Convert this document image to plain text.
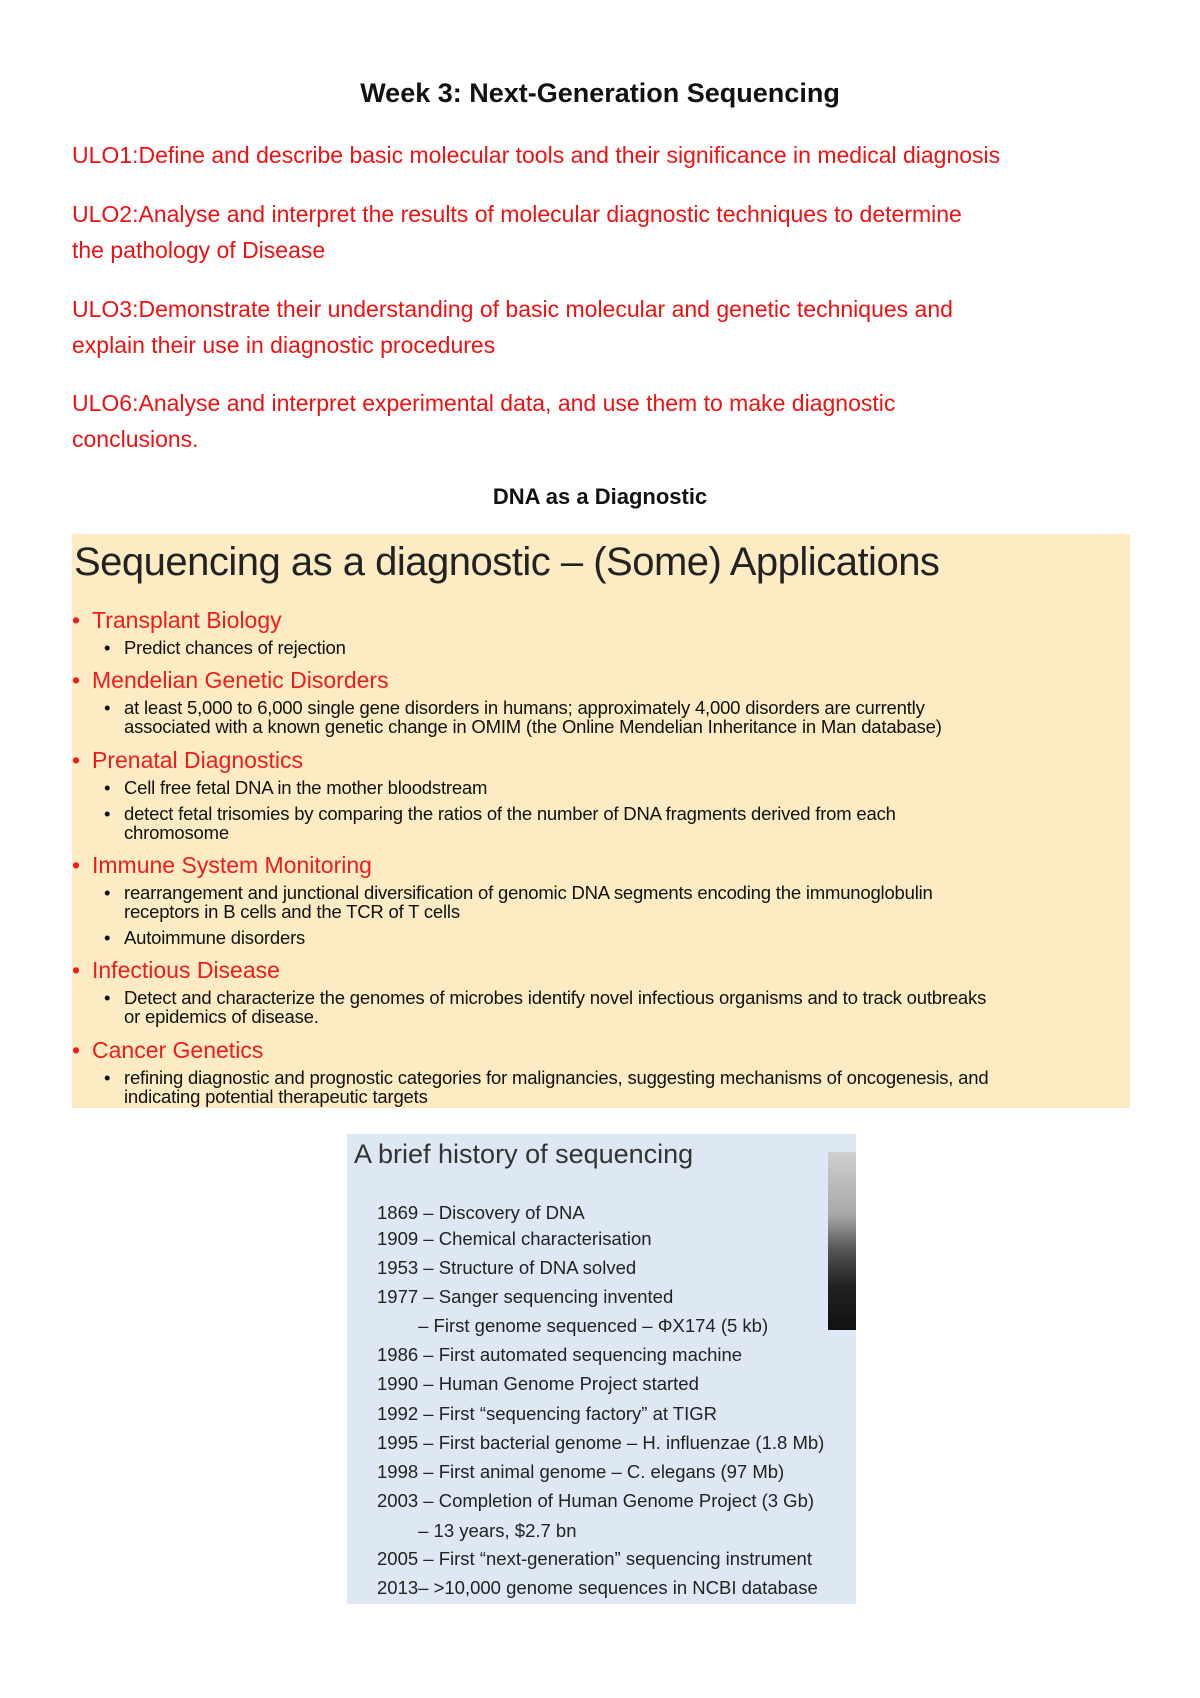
Week 3: Next-Generation Sequencing
ULO1:Define and describe basic molecular tools and their significance in medical diagnosis
ULO2:Analyse and interpret the results of molecular diagnostic techniques to determine
the pathology of Disease
ULO3:Demonstrate their understanding of basic molecular and genetic techniques and
explain their use in diagnostic procedures
ULO6:Analyse and interpret experimental data, and use them to make diagnostic
conclusions.
DNA as a Diagnostic
Sequencing as a diagnostic – (Some) Applications
• Transplant Biology
• Predict chances of rejection
• Mendelian Genetic Disorders
• at least 5,000 to 6,000 single gene disorders in humans; approximately 4,000 disorders are currently
associated with a known genetic change in OMIM (the Online Mendelian Inheritance in Man database)
• Prenatal Diagnostics
• Cell free fetal DNA in the mother bloodstream
• detect fetal trisomies by comparing the ratios of the number of DNA fragments derived from each
chromosome
• Immune System Monitoring
• rearrangement and junctional diversification of genomic DNA segments encoding the immunoglobulin
receptors in B cells and the TCR of T cells
• Autoimmune disorders
• Infectious Disease
• Detect and characterize the genomes of microbes identify novel infectious organisms and to track outbreaks
or epidemics of disease.
• Cancer Genetics
• refining diagnostic and prognostic categories for malignancies, suggesting mechanisms of oncogenesis, and
indicating potential therapeutic targets
A brief history of sequencing
1869 – Discovery of DNA
1909 – Chemical characterisation
1953 – Structure of DNA solved
1977 – Sanger sequencing invented
– First genome sequenced – ΦX174 (5 kb)
1986 – First automated sequencing machine
1990 – Human Genome Project started
1992 – First “sequencing factory” at TIGR
1995 – First bacterial genome – H. influenzae (1.8 Mb)
1998 – First animal genome – C. elegans (97 Mb)
2003 – Completion of Human Genome Project (3 Gb)
– 13 years, $2.7 bn
2005 – First “next-generation” sequencing instrument
2013– >10,000 genome sequences in NCBI database
